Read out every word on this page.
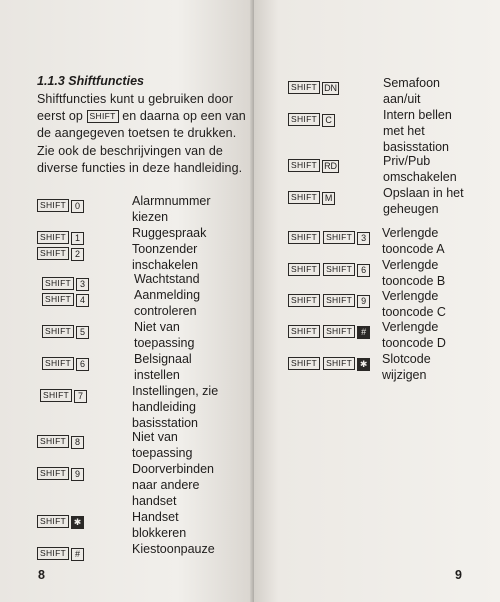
1.1.3 Shiftfuncties

Shiftfuncties kunt u gebruiken door eerst op SHIFT en daarna op een van de aangegeven toetsen te drukken. Zie ook de beschrijvingen van de diverse functies in deze handleiding.

SHIFT 0	Alarmnummer kiezen

SHIFT 1	Ruggespraak

SHIFT 2	Toonzender inschakelen

SHIFT 3	Wachtstand

SHIFT 4	Aanmelding controleren

SHIFT 5	Niet van toepassing

SHIFT 6	Belsignaal instellen

SHIFT 7	Instellingen, zie handleiding basisstation

SHIFT 8	Niet van toepassing

SHIFT 9	Doorverbinden naar andere handset

SHIFT ✱	Handset blokkeren

SHIFT #	Kiestoonpauze

8
SHIFT DN	Semafoon aan/uit

SHIFT C	Intern bellen met het basisstation

SHIFT RD	Priv/Pub omschakelen

SHIFT M	Opslaan in het geheugen

SHIFT SHIFT 3	Verlengde tooncode A

SHIFT SHIFT 6	Verlengde tooncode B

SHIFT SHIFT 9	Verlengde tooncode C

SHIFT SHIFT #	Verlengde tooncode D

SHIFT SHIFT ✱ Slotcode wijzigen

9
